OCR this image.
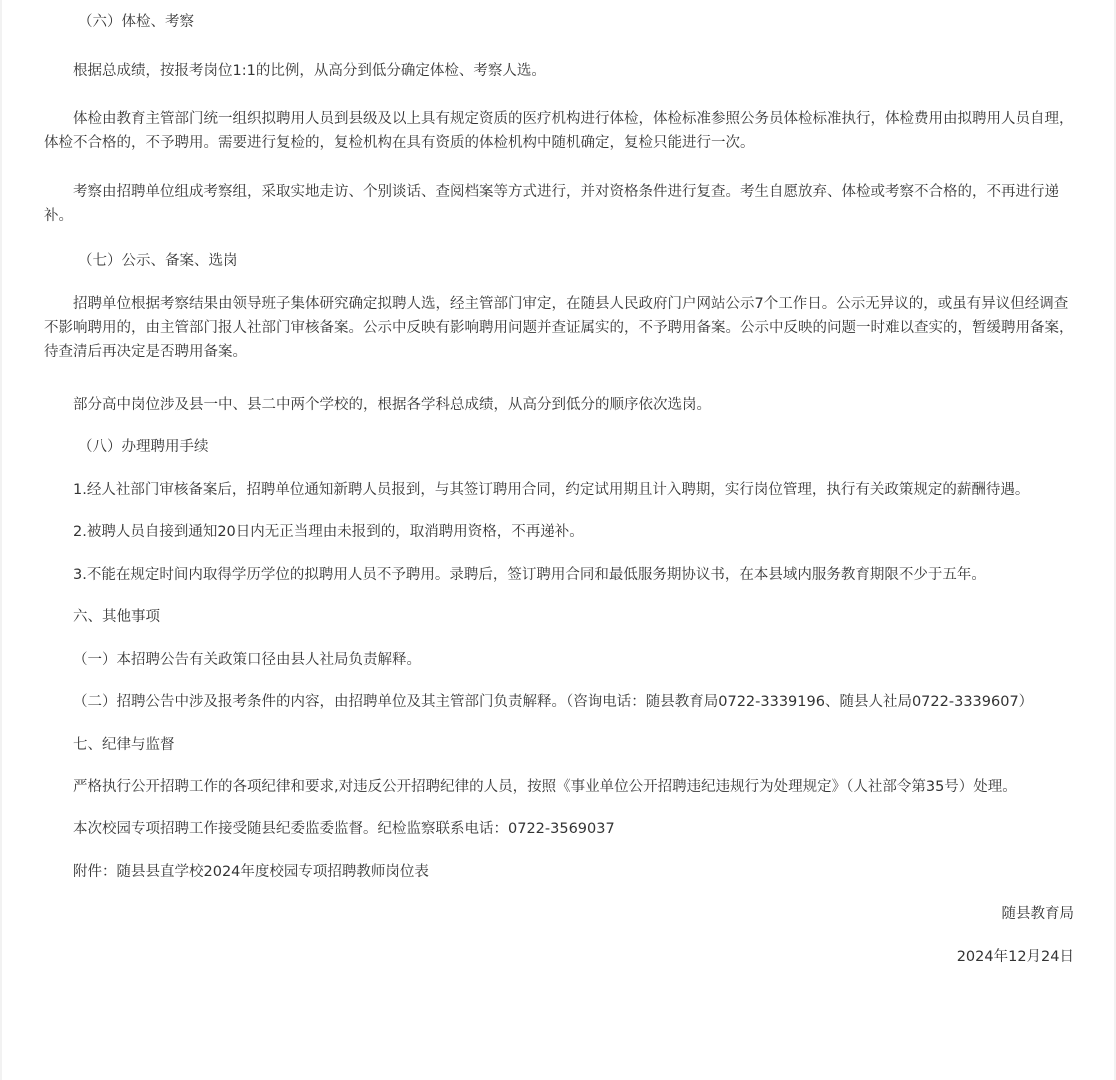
（六）体检、考察

根据总成绩，按报考岗位1:1的比例，从高分到低分确定体检、考察人选。

体检由教育主管部门统一组织拟聘用人员到县级及以上具有规定资质的医疗机构进行体检，体检标准参照公务员体检标准执行，体检费用由拟聘用人员自理，体检不合格的，不予聘用。需要进行复检的，复检机构在具有资质的体检机构中随机确定，复检只能进行一次。

考察由招聘单位组成考察组，采取实地走访、个别谈话、查阅档案等方式进行，并对资格条件进行复查。考生自愿放弃、体检或考察不合格的，不再进行递补。

（七）公示、备案、选岗

招聘单位根据考察结果由领导班子集体研究确定拟聘人选，经主管部门审定，在随县人民政府门户网站公示7个工作日。公示无异议的，或虽有异议但经调查不影响聘用的，由主管部门报人社部门审核备案。公示中反映有影响聘用问题并查证属实的，不予聘用备案。公示中反映的问题一时难以查实的，暂缓聘用备案，待查清后再决定是否聘用备案。

部分高中岗位涉及县一中、县二中两个学校的，根据各学科总成绩，从高分到低分的顺序依次选岗。

（八）办理聘用手续

1.经人社部门审核备案后，招聘单位通知新聘人员报到，与其签订聘用合同，约定试用期且计入聘期，实行岗位管理，执行有关政策规定的薪酬待遇。

2.被聘人员自接到通知20日内无正当理由未报到的，取消聘用资格，不再递补。

3.不能在规定时间内取得学历学位的拟聘用人员不予聘用。录聘后，签订聘用合同和最低服务期协议书，在本县域内服务教育期限不少于五年。

六、其他事项

（一）本招聘公告有关政策口径由县人社局负责解释。

（二）招聘公告中涉及报考条件的内容，由招聘单位及其主管部门负责解释。（咨询电话：随县教育局0722-3339196、随县人社局0722-3339607）

七、纪律与监督

严格执行公开招聘工作的各项纪律和要求,对违反公开招聘纪律的人员，按照《事业单位公开招聘违纪违规行为处理规定》（人社部令第35号）处理。

本次校园专项招聘工作接受随县纪委监委监督。纪检监察联系电话：0722-3569037

附件：随县县直学校2024年度校园专项招聘教师岗位表

随县教育局

2024年12月24日
